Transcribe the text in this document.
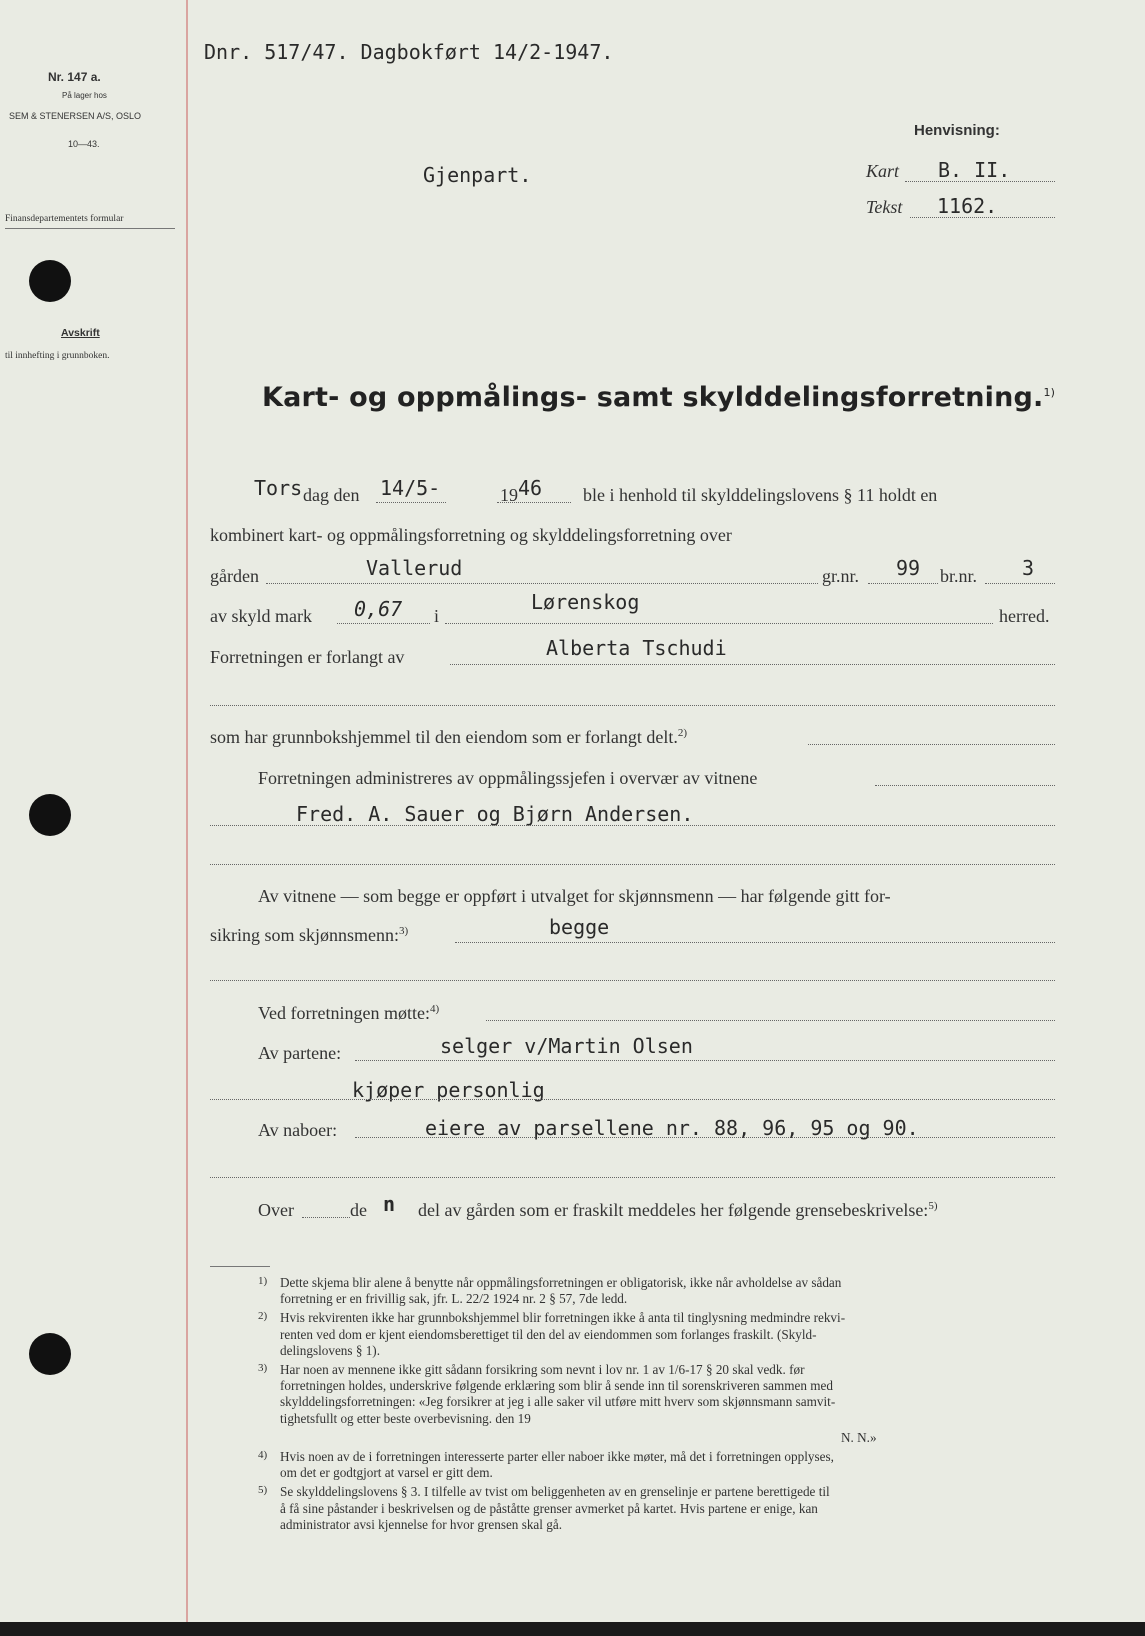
Nr. 147 a.
På lager hos
SEM & STENERSEN A/S, OSLO
10—43.
Finansdepartementets formular
Avskrift
til innhefting i grunnboken.
Dnr. 517/47. Dagbokført 14/2-1947.
Gjenpart.
Henvisning:
Kart B. II.
Tekst 1162.
Kart- og oppmålings- samt skylddelingsforretning.$^{1)}$
Tors dag den 14/5-	19 46 ble i henhold til skylddelingslovens § 11 holdt en
kombinert kart- og oppmålingsforretning og skylddelingsforretning over
gården	Vallerud	gr.nr. 99 br.nr. 3
av skyld mark 0,67 i
Lørenskog
herred.
Forretningen er forlangt av	Alberta Tschudi
som har grunnbokshjemmel til den eiendom som er forlangt delt.$^{2)}$
Forretningen administreres av oppmålingssjefen i overvær av vitnene
Fred. A. Sauer og Bjørn Andersen.
Av vitnene — som begge er oppført i utvalget for skjønnsmenn — har følgende gitt for-
sikring som skjønnsmenn:$^{3)}$	begge
Ved forretningen møtte:$^{4)}$
Av partene:	selger v/Martin Olsen
kjøper personlig
Av naboer:	eiere av parsellene nr. 88, 96, 95 og 90.
Over	de n del av gården som er fraskilt meddeles her følgende grensebeskrivelse:$^{5)}$
1) Dette skjema blir alene å benytte når oppmålingsforretningen er obligatorisk, ikke når avholdelse av sådan
forretning er en frivillig sak, jfr. L. 22/2 1924 nr. 2 § 57, 7de ledd.
2) Hvis rekvirenten ikke har grunnbokshjemmel blir forretningen ikke å anta til tinglysning medmindre rekvi-
renten ved dom er kjent eiendomsberettiget til den del av eiendommen som forlanges fraskilt. (Skyld-
delingslovens § 1).
3) Har noen av mennene ikke gitt sådann forsikring som nevnt i lov nr. 1 av 1/6-17 § 20 skal vedk. før
forretningen holdes, underskrive følgende erklæring som blir å sende inn til sorenskriveren sammen med
skylddelingsforretningen: «Jeg forsikrer at jeg i alle saker vil utføre mitt hverv som skjønnsmann samvit-
tighetsfullt og etter beste overbevisning. den 19
N. N.»
4) Hvis noen av de i forretningen interesserte parter eller naboer ikke møter, må det i forretningen opplyses,
om det er godtgjort at varsel er gitt dem.
5) Se skylddelingslovens § 3. I tilfelle av tvist om beliggenheten av en grenselinje er partene berettigede til
å få sine påstander i beskrivelsen og de påståtte grenser avmerket på kartet. Hvis partene er enige, kan
administrator avsi kjennelse for hvor grensen skal gå.
